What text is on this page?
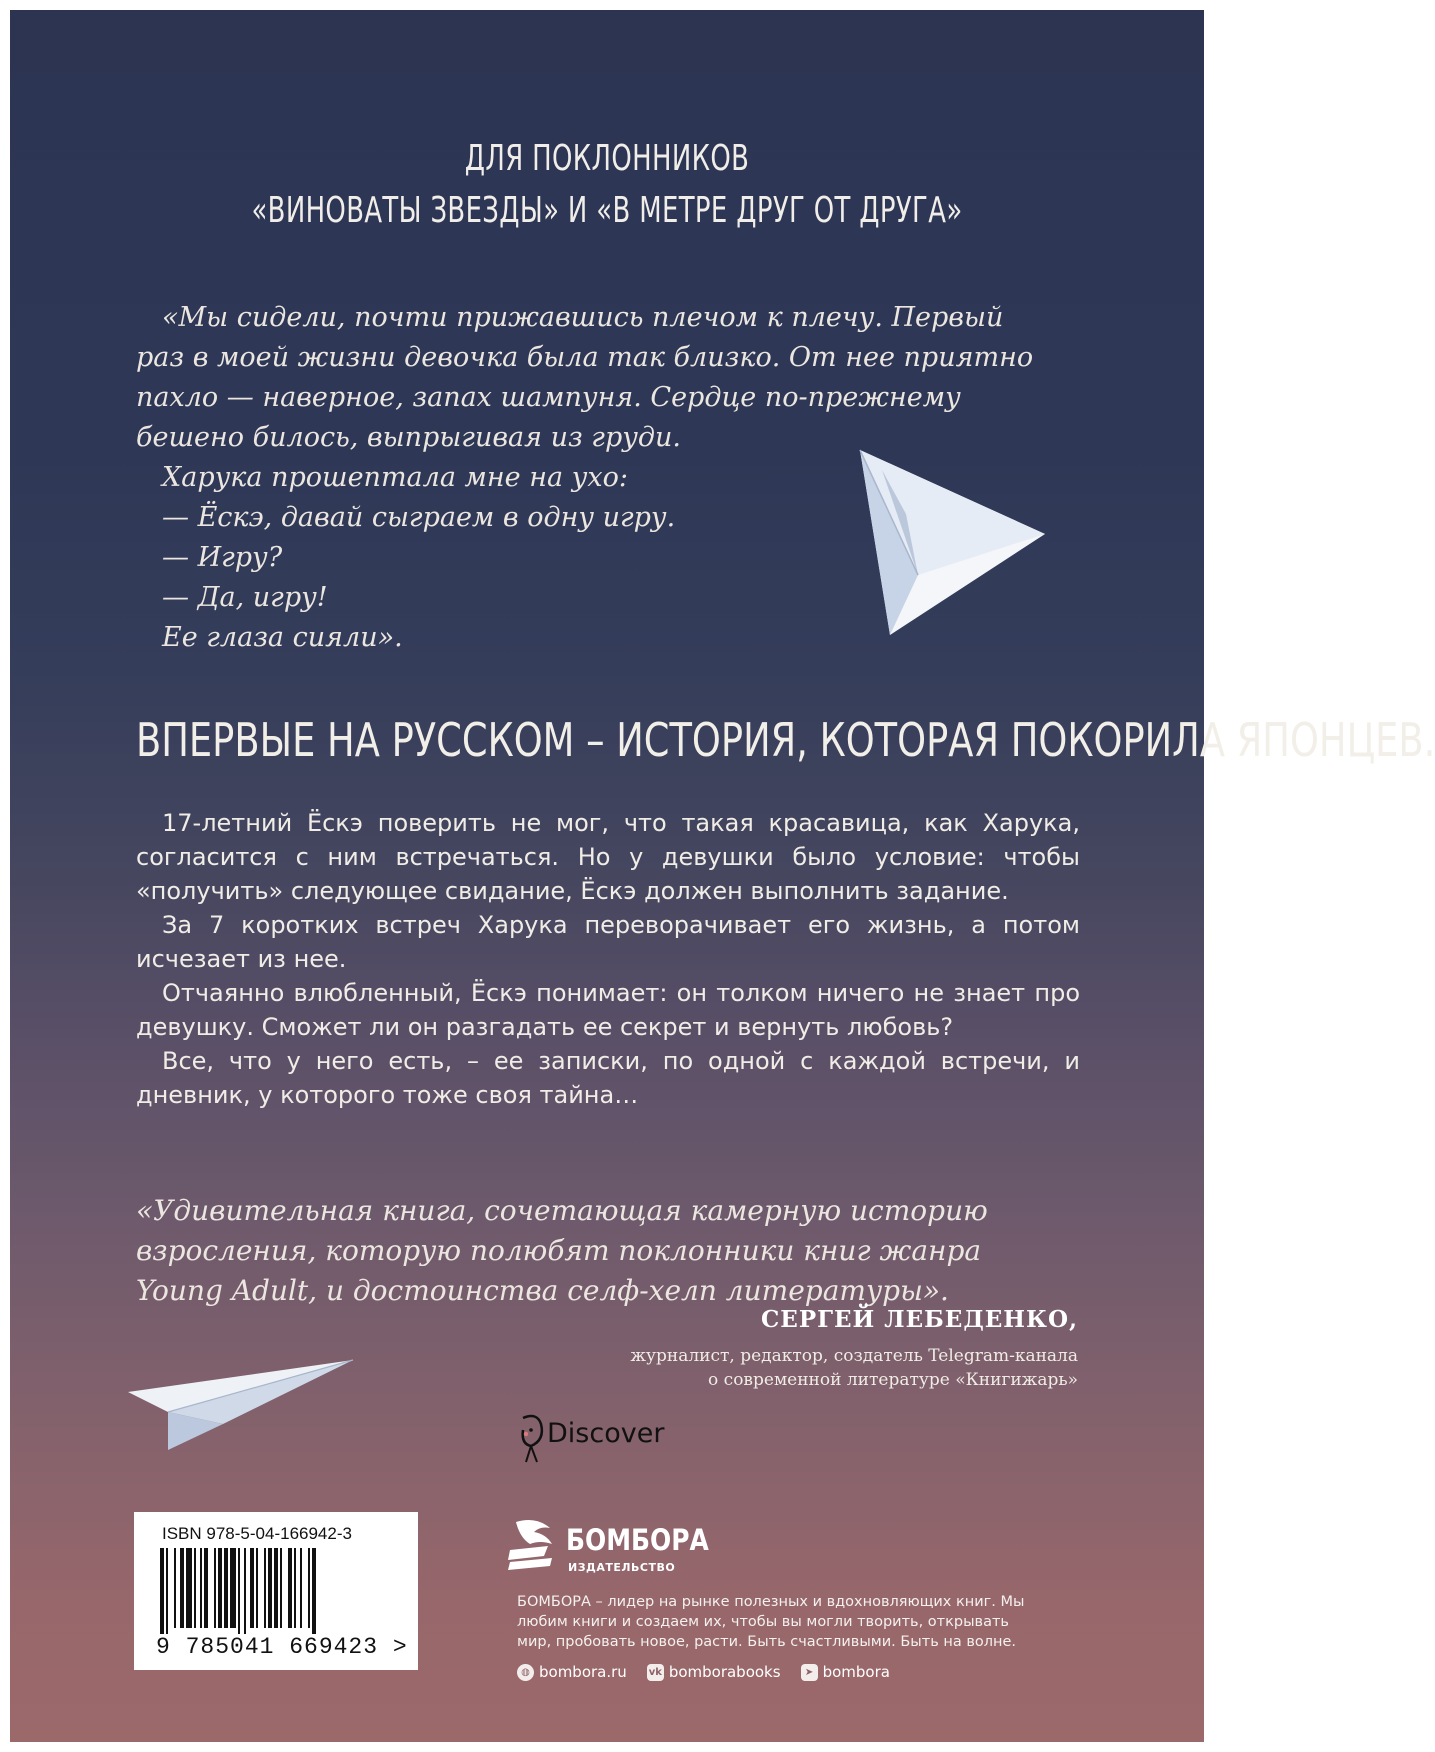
ДЛЯ ПОКЛОННИКОВ
«ВИНОВАТЫ ЗВЕЗДЫ» И «В МЕТРЕ ДРУГ ОТ ДРУГА»

«Мы сидели, почти прижавшись плечом к плечу. Первый раз в моей жизни девочка была так близко. От нее приятно пахло — наверное, запах шампуня. Сердце по-прежнему бешено билось, выпрыгивая из груди.

Харука прошептала мне на ухо:

— Ёскэ, давай сыграем в одну игру.

— Игру?

— Да, игру!

Ее глаза сияли».

ВПЕРВЫЕ НА РУССКОМ – ИСТОРИЯ, КОТОРАЯ ПОКОРИЛА ЯПОНЦЕВ.

17-летний Ёскэ поверить не мог, что такая красавица, как Харука, согласится с ним встречаться. Но у девушки было условие: чтобы «получить» следующее свидание, Ёскэ должен выполнить задание.

За 7 коротких встреч Харука переворачивает его жизнь, а потом исчезает из нее.

Отчаянно влюбленный, Ёскэ понимает: он толком ничего не знает про девушку. Сможет ли он разгадать ее секрет и вернуть любовь?

Все, что у него есть, – ее записки, по одной с каждой встречи, и дневник, у которого тоже своя тайна…

«Удивительная книга, сочетающая камерную историю взросления, которую полюбят поклонники книг жанра Young Adult, и достоинства селф-хелп литературы».
СЕРГЕЙ ЛЕБЕДЕНКО,
журналист, редактор, создатель Telegram-канала
о современной литературе «Книгижарь»
Discover
ISBN 978-5-04-166942-3
9 785041 669423 >
БОМБОРА
ИЗДАТЕЛЬСТВО
БОМБОРА – лидер на рынке полезных и вдохновляющих книг. Мы любим книги и создаем их, чтобы вы могли творить, открывать мир, пробовать новое, расти. Быть счастливыми. Быть на волне.
◍ bombora.ru vk bomborabooks	➤ bombora
